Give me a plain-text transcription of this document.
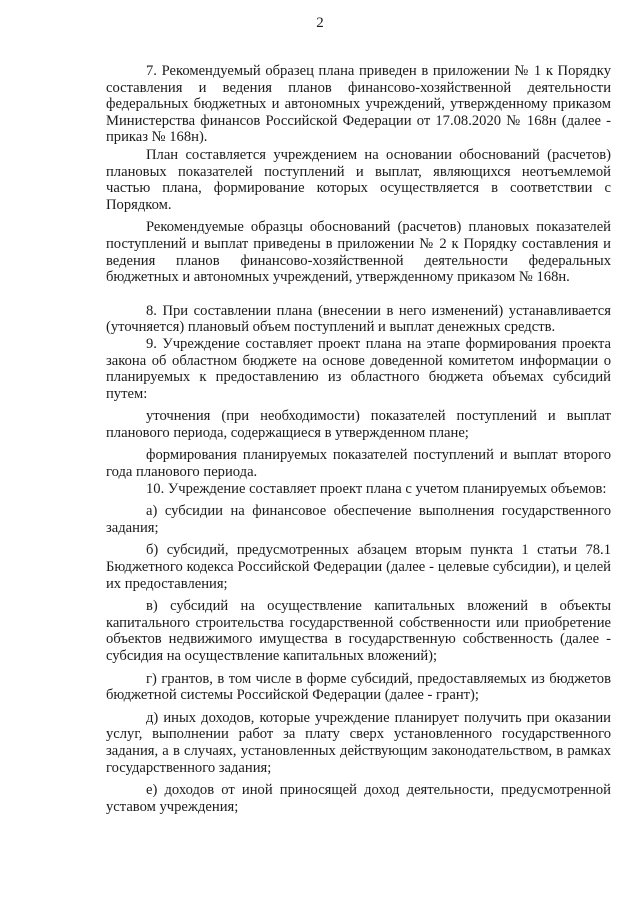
2

7. Рекомендуемый образец плана приведен в приложении № 1 к Порядку составления и ведения планов финансово-хозяйственной деятельности федеральных бюджетных и автономных учреждений, утвержденному приказом Министерства финансов Российской Федерации от 17.08.2020 № 168н (далее - приказ № 168н).

План составляется учреждением на основании обоснований (расчетов) плановых показателей поступлений и выплат, являющихся неотъемлемой частью плана, формирование которых осуществляется в соответствии с Порядком.

Рекомендуемые образцы обоснований (расчетов) плановых показателей поступлений и выплат приведены в приложении № 2 к Порядку составления и ведения планов финансово-хозяйственной деятельности федеральных бюджетных и автономных учреждений, утвержденному приказом № 168н.

8. При составлении плана (внесении в него изменений) устанавливается (уточняется) плановый объем поступлений и выплат денежных средств.

9. Учреждение составляет проект плана на этапе формирования проекта закона об областном бюджете на основе доведенной комитетом информации о планируемых к предоставлению из областного бюджета объемах субсидий путем:

уточнения (при необходимости) показателей поступлений и выплат планового периода, содержащиеся в утвержденном плане;

формирования планируемых показателей поступлений и выплат второго года планового периода.

10. Учреждение составляет проект плана с учетом планируемых объемов:

а) субсидии на финансовое обеспечение выполнения государственного задания;

б) субсидий, предусмотренных абзацем вторым пункта 1 статьи 78.1 Бюджетного кодекса Российской Федерации (далее - целевые субсидии), и целей их предоставления;

в) субсидий на осуществление капитальных вложений в объекты капитального строительства государственной собственности или приобретение объектов недвижимого имущества в государственную собственность (далее - субсидия на осуществление капитальных вложений);

г) грантов, в том числе в форме субсидий, предоставляемых из бюджетов бюджетной системы Российской Федерации (далее - грант);

д) иных доходов, которые учреждение планирует получить при оказании услуг, выполнении работ за плату сверх установленного государственного задания, а в случаях, установленных действующим законодательством, в рамках государственного задания;

е) доходов от иной приносящей доход деятельности, предусмотренной уставом учреждения;
